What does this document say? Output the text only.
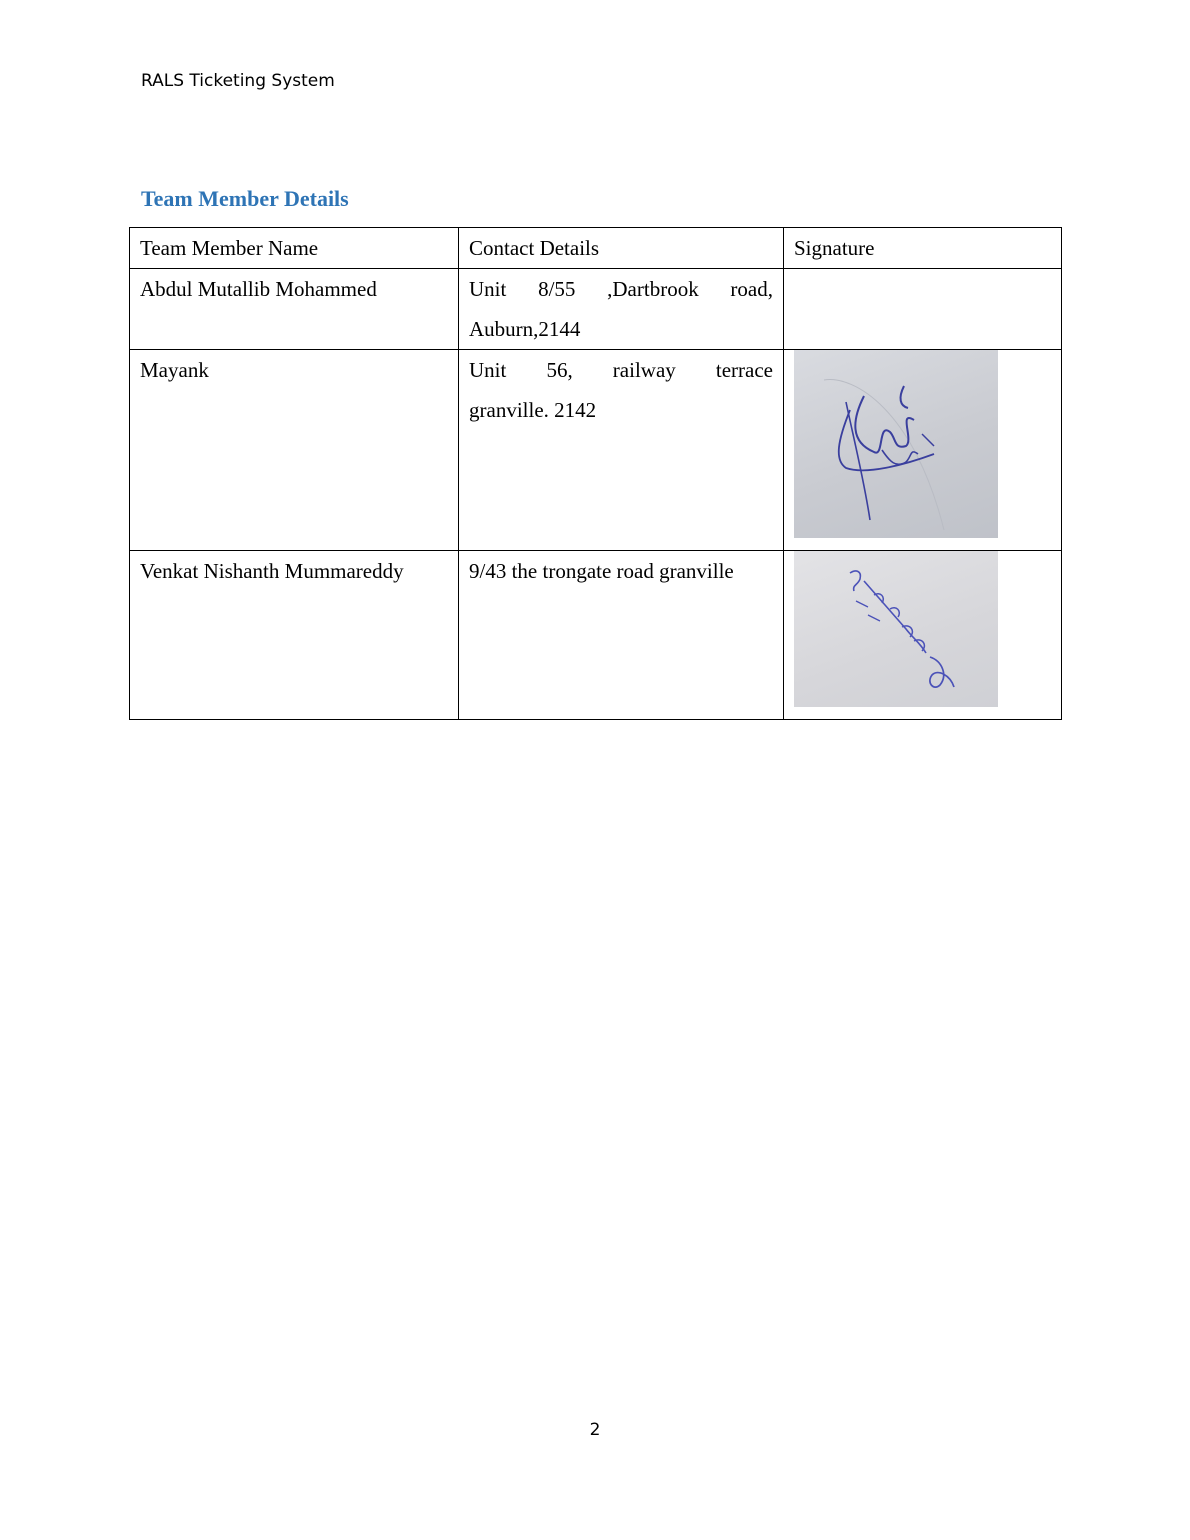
RALS Ticketing System
Team Member Details
Team Member Name	Contact Details	Signature
Abdul Mutallib Mohammed	Unit 8/55 ,Dartbrook road,
Auburn,2144	

Mayank	Unit 56, railway terrace
granville. 2142

Venkat Nishanth Mummareddy	9/43 the trongate road granville

2
